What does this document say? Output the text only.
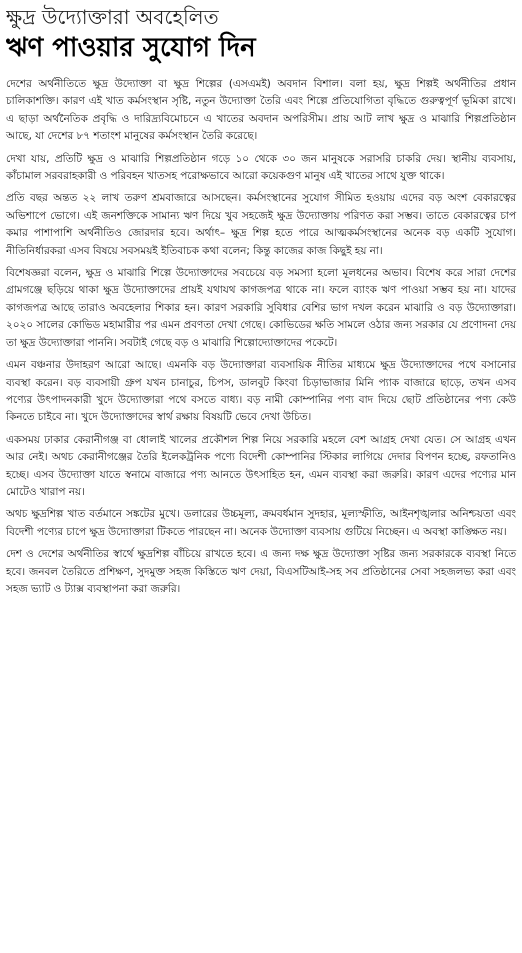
ক্ষুদ্র উদ্যোক্তারা অবহেলিত
ঋণ পাওয়ার সুযোগ দিন

দেশের অর্থনীতিতে ক্ষুদ্র উদ্যোক্তা বা ক্ষুদ্র শিল্পের (এসএমই) অবদান বিশাল। বলা হয়, ক্ষুদ্র শিল্পই অর্থনীতির প্রধান চালিকাশক্তি। কারণ এই খাত কর্মসংস্থান সৃষ্টি, নতুন উদ্যোক্তা তৈরি এবং শিল্পে প্রতিযোগিতা বৃদ্ধিতে গুরুত্বপূর্ণ ভূমিকা রাখে। এ ছাড়া অর্থনৈতিক প্রবৃদ্ধি ও দারিদ্র্যবিমোচনে এ খাতের অবদান অপরিসীম। প্রায় আট লাখ ক্ষুদ্র ও মাঝারি শিল্পপ্রতিষ্ঠান আছে, যা দেশের ৮৭ শতাংশ মানুষের কর্মসংস্থান তৈরি করেছে।

দেখা যায়, প্রতিটি ক্ষুদ্র ও মাঝারি শিল্পপ্রতিষ্ঠান গড়ে ১০ থেকে ৩০ জন মানুষকে সরাসরি চাকরি দেয়। স্থানীয় ব্যবসায়, কাঁচামাল সরবরাহকারী ও পরিবহন খাতসহ পরোক্ষভাবে আরো কয়েকগুণ মানুষ এই খাতের সাথে যুক্ত থাকে।

প্রতি বছর অন্তত ২২ লাখ তরুণ শ্রমবাজারে আসছেন। কর্মসংস্থানের সুযোগ সীমিত হওয়ায় এদের বড় অংশ বেকারত্বের অভিশাপে ভোগে। এই জনশক্তিকে সামান্য ঋণ দিয়ে খুব সহজেই ক্ষুদ্র উদ্যোক্তায় পরিণত করা সম্ভব। তাতে বেকারত্বের চাপ কমার পাশাপাশি অর্থনীতিও জোরদার হবে। অর্থাৎ– ক্ষুদ্র শিল্প হতে পারে আত্মকর্মসংস্থানের অনেক বড় একটি সুযোগ। নীতিনির্ধারকরা এসব বিষয়ে সবসময়ই ইতিবাচক কথা বলেন; কিন্তু কাজের কাজ কিছুই হয় না।

বিশেষজ্ঞরা বলেন, ক্ষুদ্র ও মাঝারি শিল্পে উদ্যোক্তাদের সবচেয়ে বড় সমস্যা হলো মূলধনের অভাব। বিশেষ করে সারা দেশের গ্রামগঞ্জে ছড়িয়ে থাকা ক্ষুদ্র উদ্যোক্তাদের প্রায়ই যথাযথ কাগজপত্র থাকে না। ফলে ব্যাংক ঋণ পাওয়া সম্ভব হয় না। যাদের কাগজপত্র আছে তারাও অবহেলার শিকার হন। কারণ সরকারি সুবিধার বেশির ভাগ দখল করেন মাঝারি ও বড় উদ্যোক্তারা। ২০২০ সালের কোভিড মহামারীর পর এমন প্রবণতা দেখা গেছে। কোভিডের ক্ষতি সামলে ওঠার জন্য সরকার যে প্রণোদনা দেয় তা ক্ষুদ্র উদ্যোক্তারা পাননি। সবটাই গেছে বড় ও মাঝারি শিল্পোদ্যোক্তাদের পকেটে।

এমন বঞ্চনার উদাহরণ আরো আছে। এমনকি বড় উদ্যোক্তারা ব্যবসায়িক নীতির মাধ্যমে ক্ষুদ্র উদ্যোক্তাদের পথে বসানোর ব্যবস্থা করেন। বড় ব্যবসায়ী গ্রুপ যখন চানাচুর, চিপস, ডালবুট কিংবা চিড়াভাজার মিনি প্যাক বাজারে ছাড়ে, তখন এসব পণ্যের উৎপাদনকারী খুদে উদ্যোক্তারা পথে বসতে বাধ্য। বড় নামী কোম্পানির পণ্য বাদ দিয়ে ছোট প্রতিষ্ঠানের পণ্য কেউ কিনতে চাইবে না। খুদে উদ্যোক্তাদের স্বার্থ রক্ষায় বিষয়টি ভেবে দেখা উচিত।

একসময় ঢাকার কেরানীগঞ্জ বা ধোলাই খালের প্রকৌশল শিল্প নিয়ে সরকারি মহলে বেশ আগ্রহ দেখা যেত। সে আগ্রহ এখন আর নেই। অথচ কেরানীগঞ্জের তৈরি ইলেকট্রনিক পণ্যে বিদেশী কোম্পানির স্টিকার লাগিয়ে দেদার বিপণন হচ্ছে, রফতানিও হচ্ছে। এসব উদ্যোক্তা যাতে স্বনামে বাজারে পণ্য আনতে উৎসাহিত হন, এমন ব্যবস্থা করা জরুরি। কারণ এদের পণ্যের মান মোটেও খারাপ নয়।

অথচ ক্ষুদ্রশিল্প খাত বর্তমানে সঙ্কটের মুখে। ডলারের উচ্চমূল্য, ক্রমবর্ধমান সুদহার, মূল্যস্ফীতি, আইনশৃঙ্খলার অনিশ্চয়তা এবং বিদেশী পণ্যের চাপে ক্ষুদ্র উদ্যোক্তারা টিকতে পারছেন না। অনেক উদ্যোক্তা ব্যবসায় গুটিয়ে নিচ্ছেন। এ অবস্থা কাঙ্ক্ষিত নয়।

দেশ ও দেশের অর্থনীতির স্বার্থে ক্ষুদ্রশিল্প বাঁচিয়ে রাখতে হবে। এ জন্য দক্ষ ক্ষুদ্র উদ্যোক্তা সৃষ্টির জন্য সরকারকে ব্যবস্থা নিতে হবে। জনবল তৈরিতে প্রশিক্ষণ, সুদমুক্ত সহজ কিস্তিতে ঋণ দেয়া, বিএসটিআই-সহ সব প্রতিষ্ঠানের সেবা সহজলভ্য করা এবং সহজ ভ্যাট ও ট্যাক্স ব্যবস্থাপনা করা জরুরি।
